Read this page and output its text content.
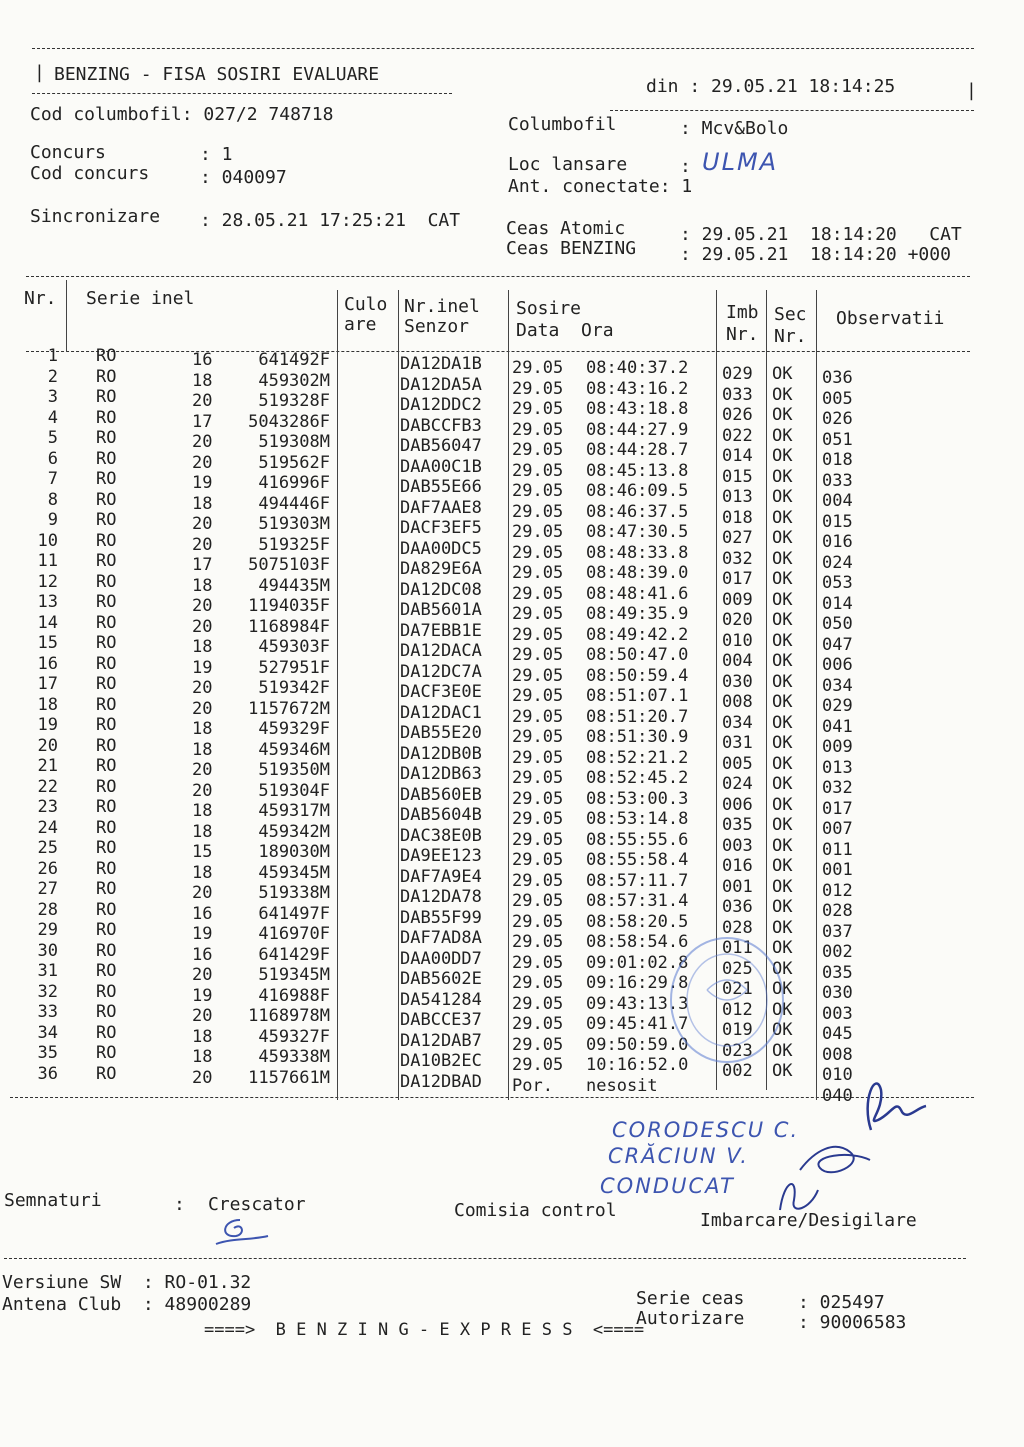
| BENZING - FISA SOSIRI EVALUARE
din : 29.05.21 18:14:25	|
Cod columbofil: 027/2 748718	Columbofil	: Mcv&Bolo
Concurs	: 1
Cod concurs	: 040097
Loc lansare	: ULMA
Ant. conectate: 1
Sincronizare : 28.05.21 17:25:21  CAT	Ceas Atomic	: 29.05.21  18:14:20   CAT
Ceas BENZING : 29.05.21  18:14:20 +000
Nr. Serie inel	Culo
are
Nr.inel
Senzor
Sosire
Data  Ora
Imb
Nr.
Sec
Nr.
Observatii
1 RO	16	641492F	DA12DA1B 29.05 08:40:37.2 029 OK 036
2 RO	18	459302M	DA12DA5A 29.05 08:43:16.2 033 OK 005
3 RO	20	519328F	DA12DDC2 29.05 08:43:18.8 026 OK 026
4 RO	17	5043286F	DABCCFB3 29.05 08:44:27.9 022 OK 051
5 RO	20	519308M	DAB56047 29.05 08:44:28.7 014 OK 018
6 RO	20	519562F	DAA00C1B 29.05 08:45:13.8 015 OK 033
7 RO	19	416996F	DAB55E66 29.05 08:46:09.5 013 OK 004
8 RO	18	494446F	DAF7AAE8 29.05 08:46:37.5 018 OK 015
9 RO	20	519303M	DACF3EF5 29.05 08:47:30.5 027 OK 016
10 RO	20	519325F	DAA00DC5 29.05 08:48:33.8 032 OK 024
11 RO	17	5075103F	DA829E6A 29.05 08:48:39.0 017 OK 053
12 RO	18	494435M	DA12DC08 29.05 08:48:41.6 009 OK 014
13 RO	20	1194035F	DAB5601A 29.05 08:49:35.9 020 OK 050
14 RO	20	1168984F	DA7EBB1E 29.05 08:49:42.2 010 OK 047
15 RO	18	459303F	DA12DACA 29.05 08:50:47.0 004 OK 006
16 RO	19	527951F	DA12DC7A 29.05 08:50:59.4 030 OK 034
17 RO	20	519342F	DACF3E0E 29.05 08:51:07.1 008 OK 029
18 RO	20	1157672M	DA12DAC1 29.05 08:51:20.7 034 OK 041
19 RO	18	459329F	DAB55E20 29.05 08:51:30.9 031 OK 009
20 RO	18	459346M	DA12DB0B 29.05 08:52:21.2 005 OK 013
21 RO	20	519350M	DA12DB63 29.05 08:52:45.2 024 OK 032
22 RO	20	519304F	DAB560EB 29.05 08:53:00.3 006 OK 017
23 RO	18	459317M	DAB5604B 29.05 08:53:14.8 035 OK 007
24 RO	18	459342M	DAC38E0B 29.05 08:55:55.6 003 OK 011
25 RO	15	189030M	DA9EE123 29.05 08:55:58.4 016 OK 001
26 RO	18	459345M	DAF7A9E4 29.05 08:57:11.7 001 OK 012
27 RO	20	519338M	DA12DA78 29.05 08:57:31.4 036 OK 028
28 RO	16	641497F	DAB55F99 29.05 08:58:20.5 028 OK 037
29 RO	19	416970F	DAF7AD8A 29.05 08:58:54.6 011 OK 002
30 RO	16	641429F	DAA00DD7 29.05 09:01:02.8 025 OK 035
31 RO	20	519345M	DAB5602E 29.05 09:16:29.8 021 OK 030
32 RO	19	416988F	DA541284 29.05 09:43:13.3 012 OK 003
33 RO	20	1168978M	DABCCE37 29.05 09:45:41.7 019 OK 045
34 RO	18	459327F	DA12DAB7 29.05 09:50:59.0 023 OK 008
35 RO	18	459338M	DA10B2EC 29.05 10:16:52.0 002 OK 010
36 RO	20	1157661M	DA12DBAD Por. nesosit	040
CORODESCU C.
CRĂCIUN V.
CONDUCAT
Semnaturi	: Crescator	Comisia control	Imbarcare/Desigilare
Versiune SW  : RO-01.32
Antena Club  : 48900289	Serie ceas	: 025497
Autorizare	: 90006583
====>  B E N Z I N G - E X P R E S S  <====
